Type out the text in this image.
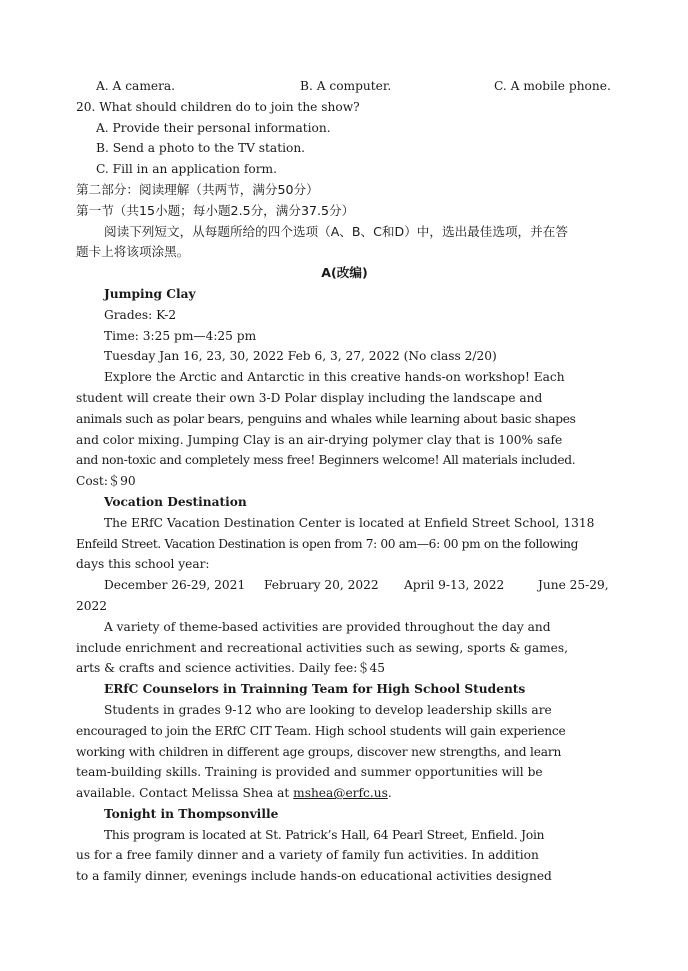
A. A camera.	B. A computer.	C. A mobile phone.
20. What should children do to join the show?
A. Provide their personal information.
B. Send a photo to the TV station.
C. Fill in an application form.
第二部分：阅读理解（共两节，满分50分）
第一节（共15小题；每小题2.5分，满分37.5分）
阅读下列短文，从每题所给的四个选项（A、B、C和D）中，选出最佳选项，并在答
题卡上将该项涂黑。
A(改编)
Jumping Clay
Grades: K-2
Time: 3:25 pm—4:25 pm
Tuesday Jan 16, 23, 30, 2022 Feb 6, 3, 27, 2022 (No class 2/20)
Explore the Arctic and Antarctic in this creative hands-on workshop! Each
student will create their own 3-D Polar display including the landscape and
animals such as polar bears, penguins and whales while learning about basic shapes
and color mixing. Jumping Clay is an air-drying polymer clay that is 100% safe
and non-toxic and completely mess free! Beginners welcome! All materials included.
Cost:＄90
Vocation Destination
The ERfC Vacation Destination Center is located at Enfield Street School, 1318
Enfeild Street. Vacation Destination is open from 7: 00 am—6: 00 pm on the following
days this school year:
December 26-29, 2021 February 20, 2022 April 9-13, 2022	June 25-29,
2022
A variety of theme-based activities are provided throughout the day and
include enrichment and recreational activities such as sewing, sports & games,
arts & crafts and science activities. Daily fee:＄45
ERfC Counselors in Trainning Team for High School Students
Students in grades 9-12 who are looking to develop leadership skills are
encouraged to join the ERfC CIT Team. High school students will gain experience
working with children in different age groups, discover new strengths, and learn
team-building skills. Training is provided and summer opportunities will be
available. Contact Melissa Shea at mshea@erfc.us.
Tonight in Thompsonville
This program is located at St. Patrick’s Hall, 64 Pearl Street, Enfield. Join
us for a free family dinner and a variety of family fun activities. In addition
to a family dinner, evenings include hands-on educational activities designed
